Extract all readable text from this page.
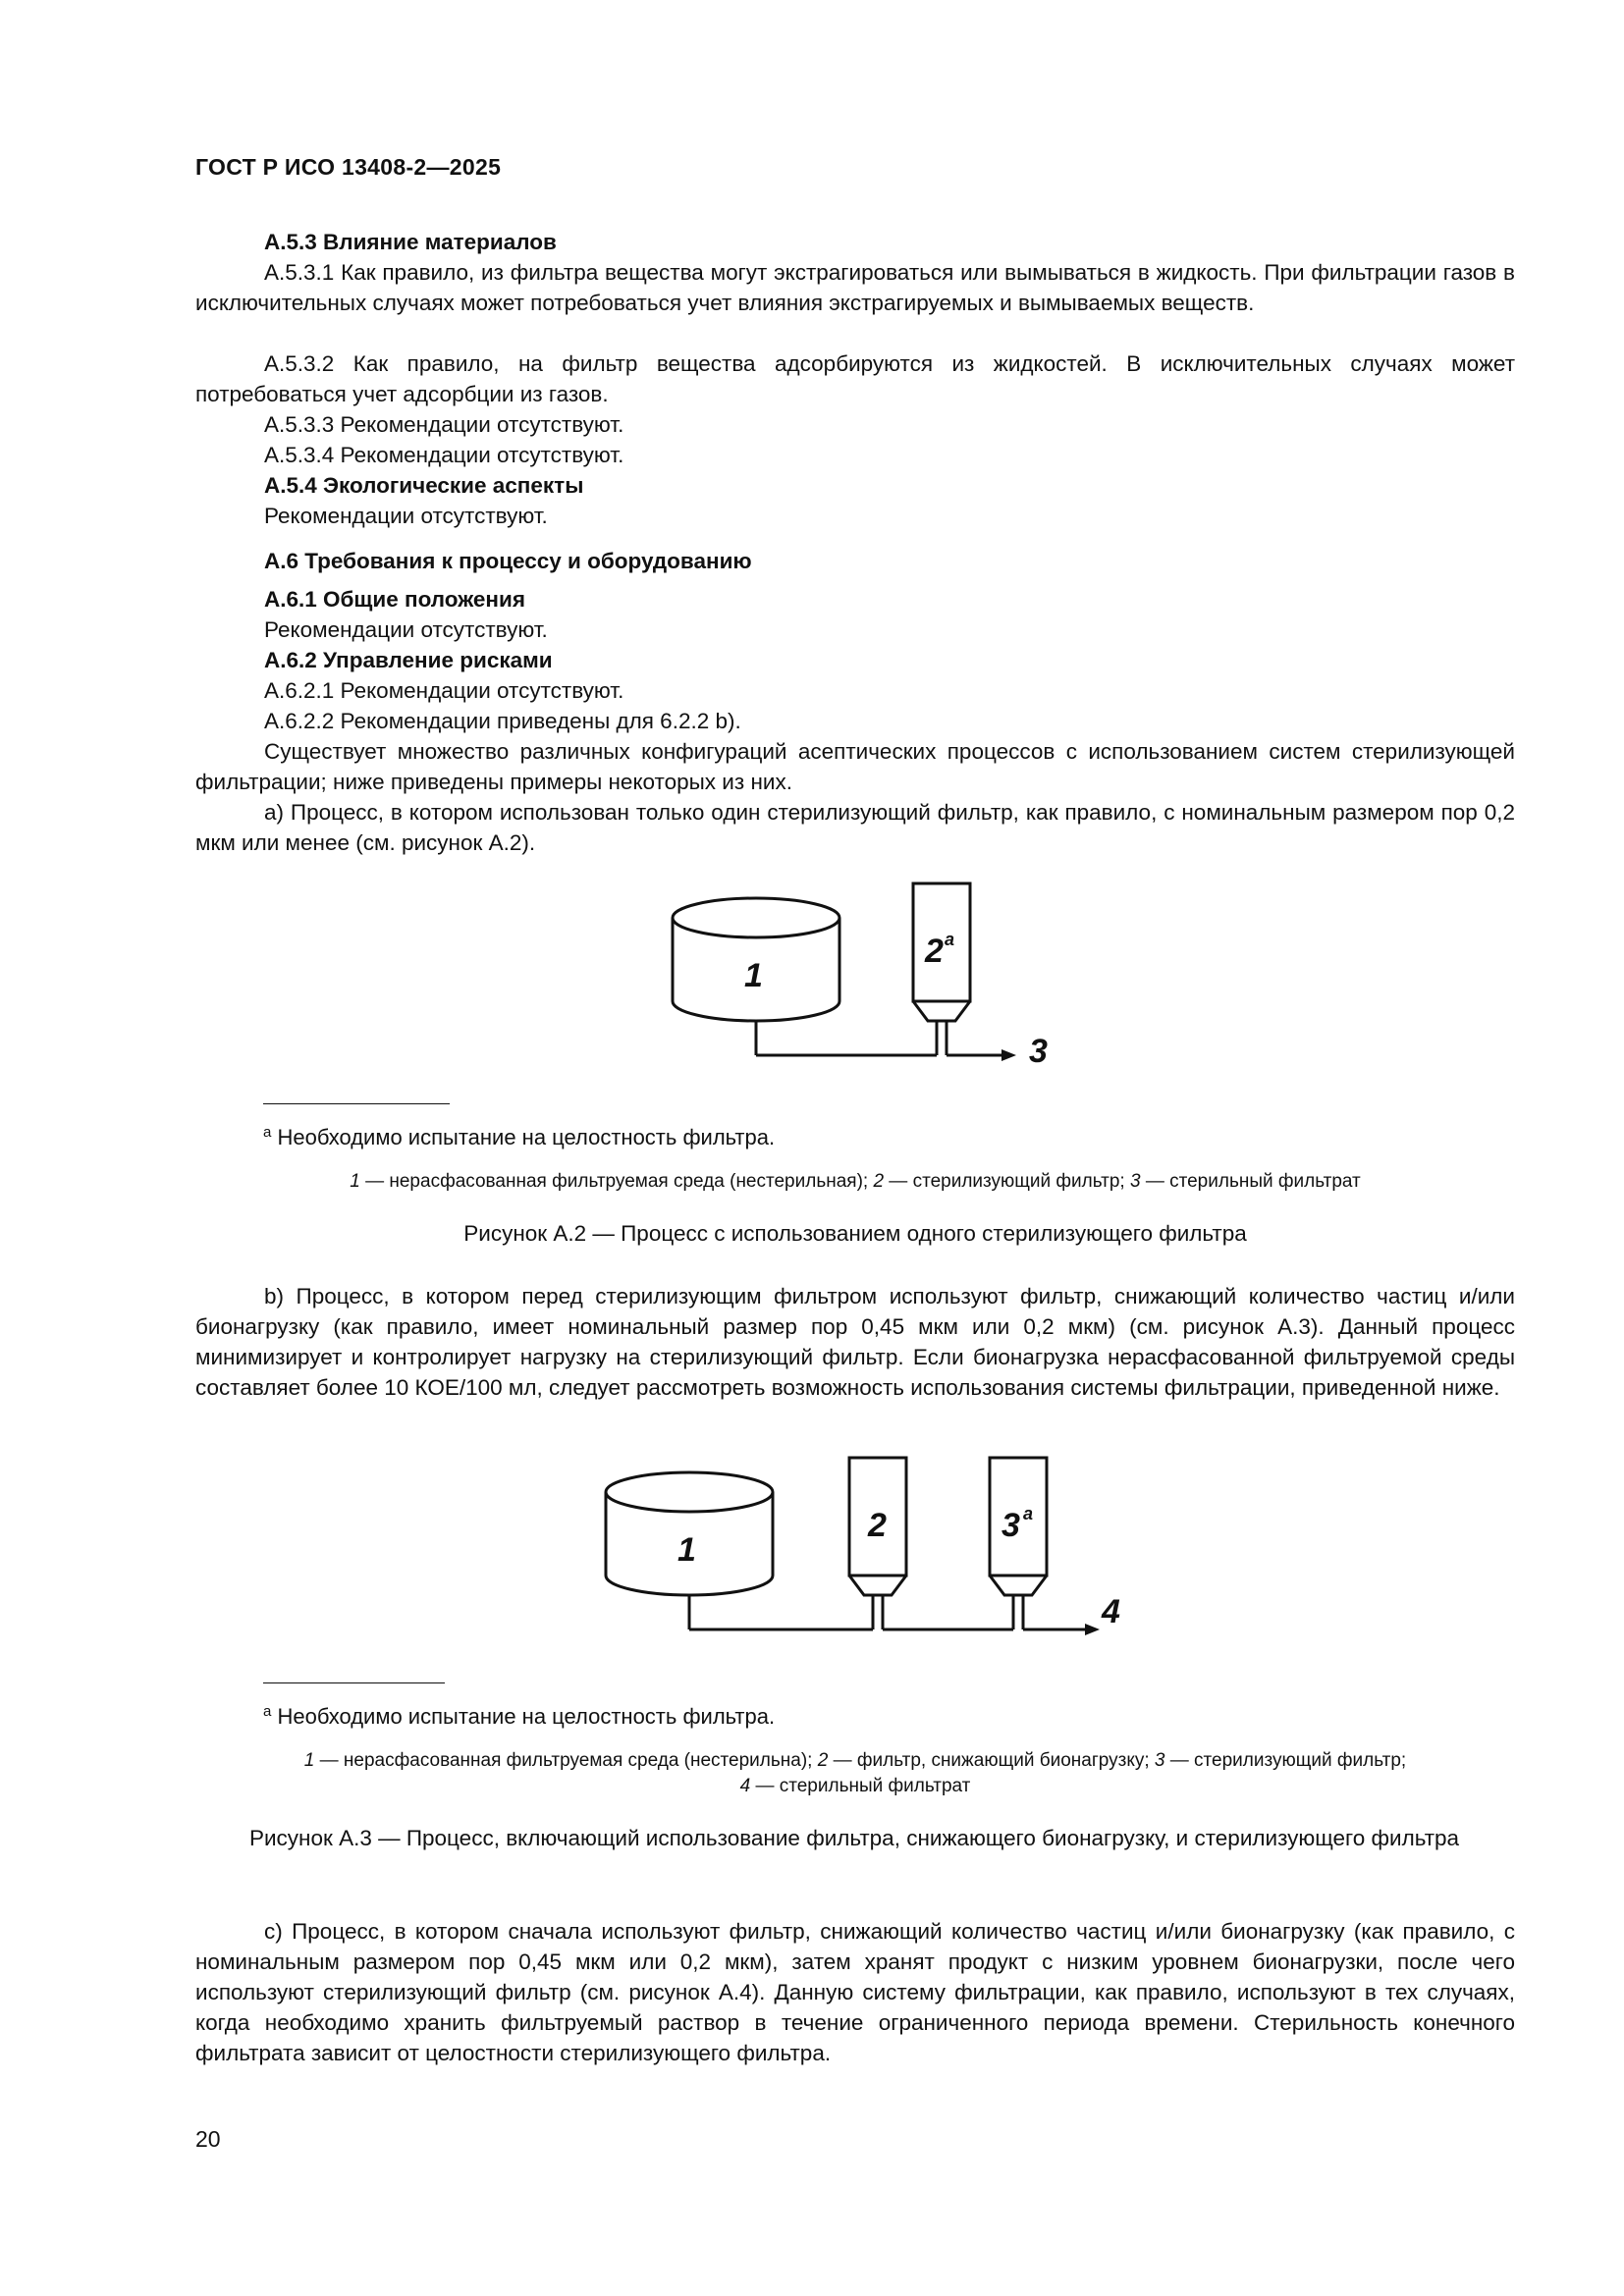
ГОСТ Р ИСО 13408-2—2025
А.5.3 Влияние материалов
А.5.3.1 Как правило, из фильтра вещества могут экстрагироваться или вымываться в жидкость. При фильтрации газов в исключительных случаях может потребоваться учет влияния экстрагируемых и вымываемых веществ.
А.5.3.2 Как правило, на фильтр вещества адсорбируются из жидкостей. В исключительных случаях может потребоваться учет адсорбции из газов.
А.5.3.3 Рекомендации отсутствуют.
А.5.3.4 Рекомендации отсутствуют.
А.5.4 Экологические аспекты
Рекомендации отсутствуют.
А.6 Требования к процессу и оборудованию
А.6.1 Общие положения
Рекомендации отсутствуют.
А.6.2 Управление рисками
А.6.2.1 Рекомендации отсутствуют.
А.6.2.2 Рекомендации приведены для 6.2.2 b).
Существует множество различных конфигураций асептических процессов с использованием систем стерилизующей фильтрации; ниже приведены примеры некоторых из них.
а) Процесс, в котором использован только один стерилизующий фильтр, как правило, с номинальным размером пор 0,2 мкм или менее (см. рисунок А.2).
1
2 а
3
$^а$ Необходимо испытание на целостность фильтра.
1 — нерасфасованная фильтруемая среда (нестерильная); 2 — стерилизующий фильтр; 3 — стерильный фильтрат
Рисунок А.2 — Процесс с использованием одного стерилизующего фильтра
b) Процесс, в котором перед стерилизующим фильтром используют фильтр, снижающий количество частиц и/или бионагрузку (как правило, имеет номинальный размер пор 0,45 мкм или 0,2 мкм) (см. рисунок А.3). Данный процесс минимизирует и контролирует нагрузку на стерилизующий фильтр. Если бионагрузка нерасфасованной фильтруемой среды составляет более 10 КОЕ/100 мл, следует рассмотреть возможность использования системы фильтрации, приведенной ниже.
1
2	3 а
4
$^а$ Необходимо испытание на целостность фильтра.
1 — нерасфасованная фильтруемая среда (нестерильна); 2 — фильтр, снижающий бионагрузку; 3 — стерилизующий фильтр;
4 — стерильный фильтрат
Рисунок А.3 — Процесс, включающий использование фильтра, снижающего бионагрузку, и стерилизующего фильтра
с) Процесс, в котором сначала используют фильтр, снижающий количество частиц и/или бионагрузку (как правило, с номинальным размером пор 0,45 мкм или 0,2 мкм), затем хранят продукт с низким уровнем бионагрузки, после чего используют стерилизующий фильтр (см. рисунок А.4). Данную систему фильтрации, как правило, используют в тех случаях, когда необходимо хранить фильтруемый раствор в течение ограниченного периода времени. Стерильность конечного фильтрата зависит от целостности стерилизующего фильтра.
20
